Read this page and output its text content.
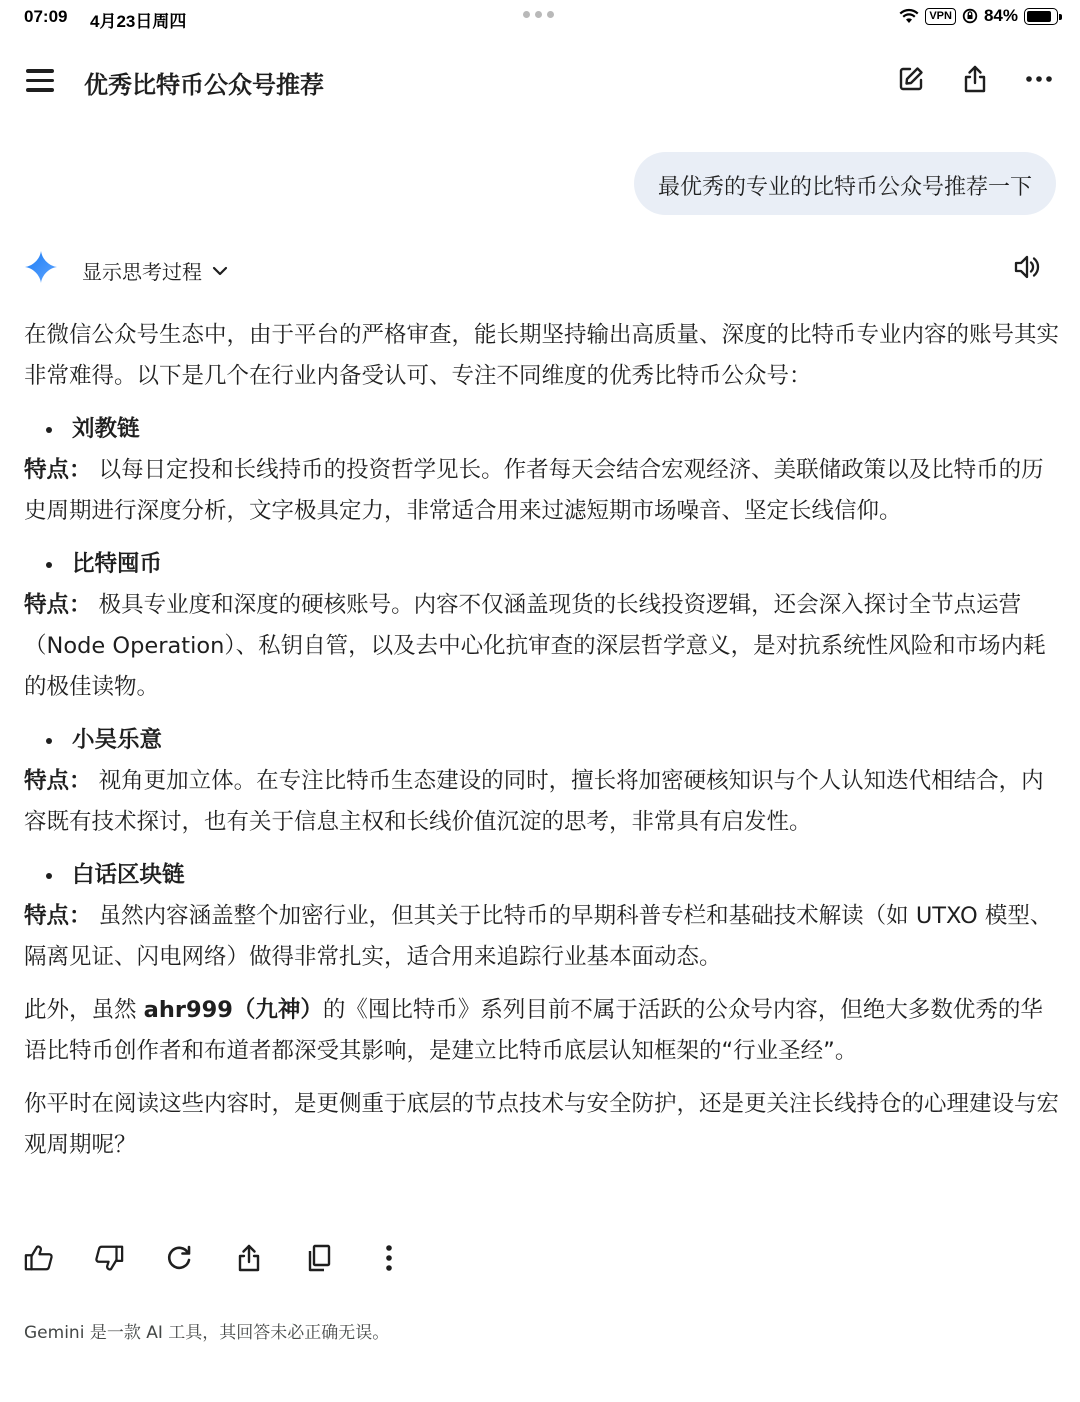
07:09 4月23日周四	VPN 84%
优秀比特币公众号推荐
最优秀的专业的比特币公众号推荐一下
显示思考过程

在微信公众号生态中，由于平台的严格审查，能长期坚持输出高质量、深度的比特币专业内容的账号其实非常难得。以下是几个在行业内备受认可、专注不同维度的优秀比特币公众号：

刘教链
特点： 以每日定投和长线持币的投资哲学见长。作者每天会结合宏观经济、美联储政策以及比特币的历史周期进行深度分析，文字极具定力，非常适合用来过滤短期市场噪音、坚定长线信仰。
比特囤币
特点： 极具专业度和深度的硬核账号。内容不仅涵盖现货的长线投资逻辑，还会深入探讨全节点运营（Node Operation）、私钥自管，以及去中心化抗审查的深层哲学意义，是对抗系统性风险和市场内耗的极佳读物。
小吴乐意
特点： 视角更加立体。在专注比特币生态建设的同时，擅长将加密硬核知识与个人认知迭代相结合，内容既有技术探讨，也有关于信息主权和长线价值沉淀的思考，非常具有启发性。
白话区块链
特点： 虽然内容涵盖整个加密行业，但其关于比特币的早期科普专栏和基础技术解读（如 UTXO 模型、隔离见证、闪电网络）做得非常扎实，适合用来追踪行业基本面动态。

此外，虽然 ahr999（九神）的《囤比特币》系列目前不属于活跃的公众号内容，但绝大多数优秀的华语比特币创作者和布道者都深受其影响，是建立比特币底层认知框架的“行业圣经”。

你平时在阅读这些内容时，是更侧重于底层的节点技术与安全防护，还是更关注长线持仓的心理建设与宏观周期呢？

Gemini 是一款 AI 工具，其回答未必正确无误。
